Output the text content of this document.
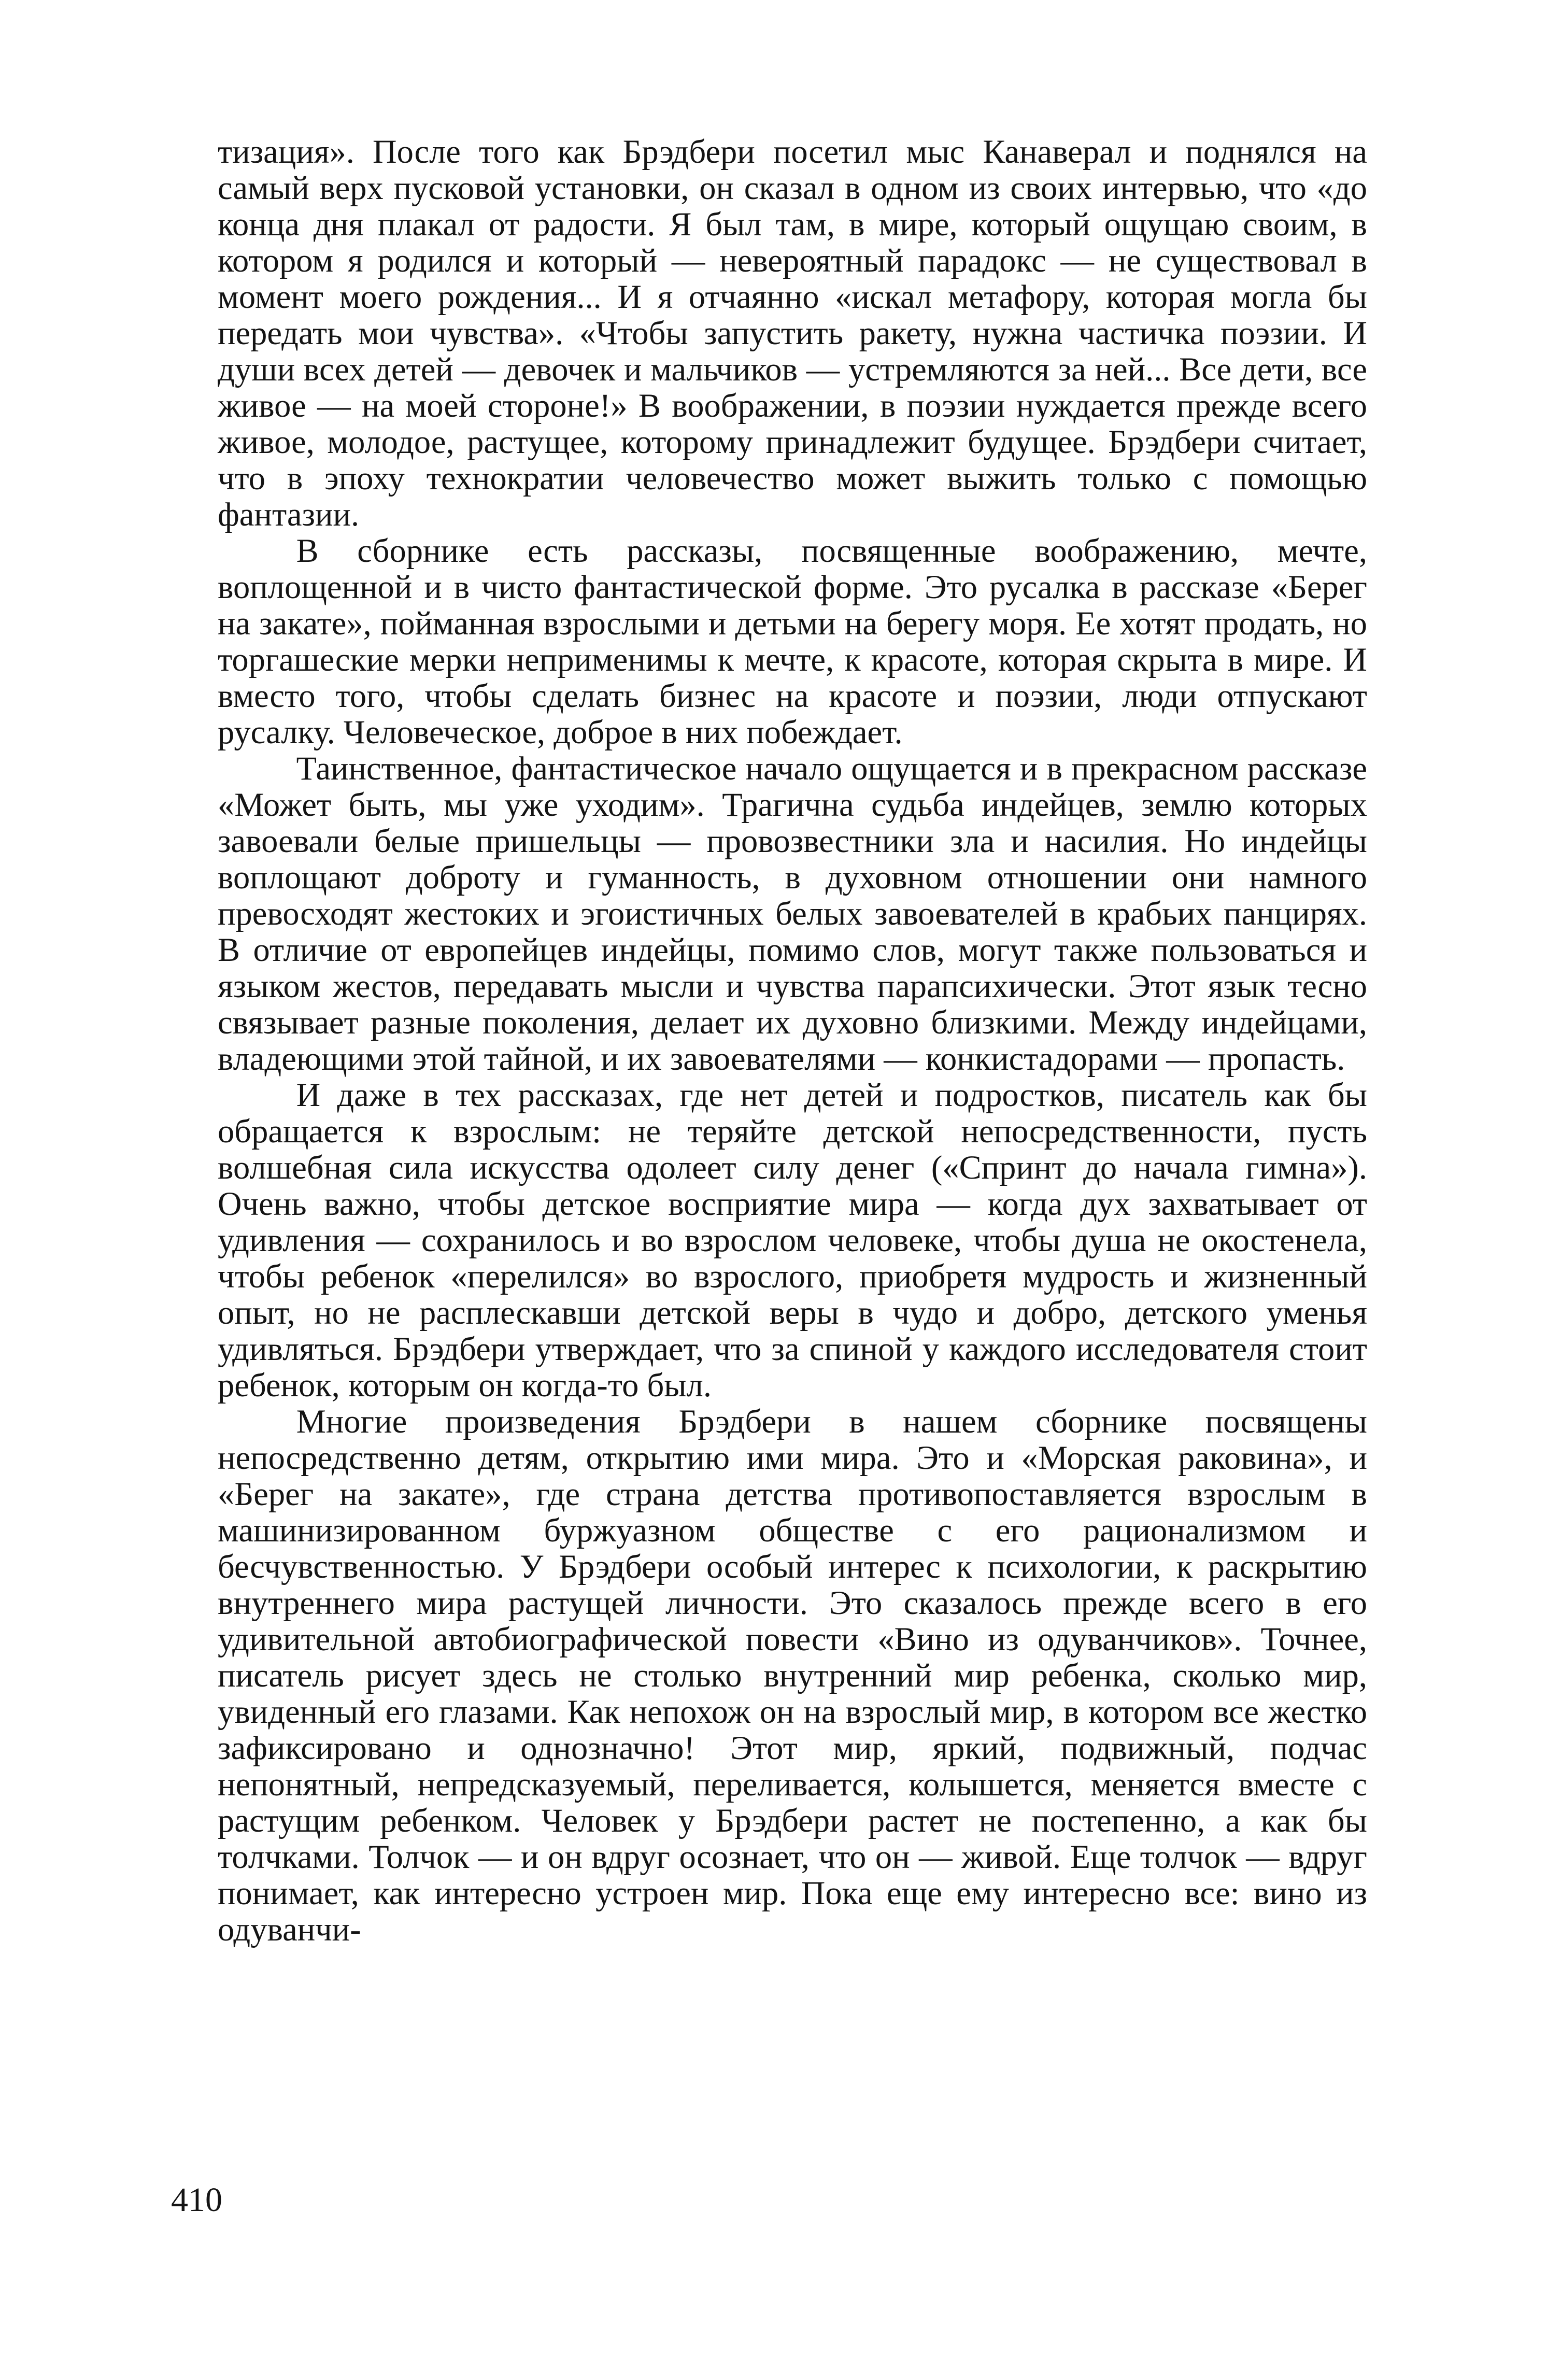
тизация». После того как Брэдбери посетил мыс Канаверал и поднялся на самый верх пусковой установки, он сказал в одном из своих интервью, что «до конца дня плакал от радости. Я был там, в мире, который ощущаю своим, в котором я родился и который — невероятный парадокс — не существовал в момент моего рождения... И я отчаянно «искал метафору, которая могла бы передать мои чувства». «Чтобы запустить ракету, нужна частичка поэзии. И души всех детей — девочек и мальчиков — устремляются за ней... Все дети, все живое — на моей стороне!» В воображении, в поэзии нуждается прежде всего живое, молодое, растущее, которому принадлежит будущее. Брэдбери считает, что в эпоху технократии человечество может выжить только с помощью фантазии.

В сборнике есть рассказы, посвященные воображению, мечте, воплощенной и в чисто фантастической форме. Это русалка в рассказе «Берег на закате», пойманная взрослыми и детьми на берегу моря. Ее хотят продать, но торгашеские мерки неприменимы к мечте, к красоте, которая скрыта в мире. И вместо того, чтобы сделать бизнес на красоте и поэзии, люди отпускают русалку. Человеческое, доброе в них побеждает.

Таинственное, фантастическое начало ощущается и в прекрасном рассказе «Может быть, мы уже уходим». Трагична судьба индейцев, землю которых завоевали белые пришельцы — провозвестники зла и насилия. Но индейцы воплощают доброту и гуманность, в духовном отношении они намного превосходят жестоких и эгоистичных белых завоевателей в крабьих панцирях. В отличие от европейцев индейцы, помимо слов, могут также пользоваться и языком жестов, передавать мысли и чувства парапсихически. Этот язык тесно связывает разные поколения, делает их духовно близкими. Между индейцами, владеющими этой тайной, и их завоевателями — конкистадорами — пропасть.

И даже в тех рассказах, где нет детей и подростков, писатель как бы обращается к взрослым: не теряйте детской непосредственности, пусть волшебная сила искусства одолеет силу денег («Спринт до начала гимна»). Очень важно, чтобы детское восприятие мира — когда дух захватывает от удивления — сохранилось и во взрослом человеке, чтобы душа не окостенела, чтобы ребенок «перелился» во взрослого, приобретя мудрость и жизненный опыт, но не расплескавши детской веры в чудо и добро, детского уменья удивляться. Брэдбери утверждает, что за спиной у каждого исследователя стоит ребенок, которым он когда-то был.

Многие произведения Брэдбери в нашем сборнике посвящены непосредственно детям, открытию ими мира. Это и «Морская раковина», и «Берег на закате», где страна детства противопоставляется взрослым в машинизированном буржуазном обществе с его рационализмом и бесчувственностью. У Брэдбери особый интерес к психологии, к раскрытию внутреннего мира растущей личности. Это сказалось прежде всего в его удивительной автобиографической повести «Вино из одуванчиков». Точнее, писатель рисует здесь не столько внутренний мир ребенка, сколько мир, увиденный его глазами. Как непохож он на взрослый мир, в котором все жестко зафиксировано и однозначно! Этот мир, яркий, подвижный, подчас непонятный, непредсказуемый, переливается, колышется, меняется вместе с растущим ребенком. Человек у Брэдбери растет не постепенно, а как бы толчками. Толчок — и он вдруг осознает, что он — живой. Еще толчок — вдруг понимает, как интересно устроен мир. Пока еще ему интересно все: вино из одуванчи-

410
